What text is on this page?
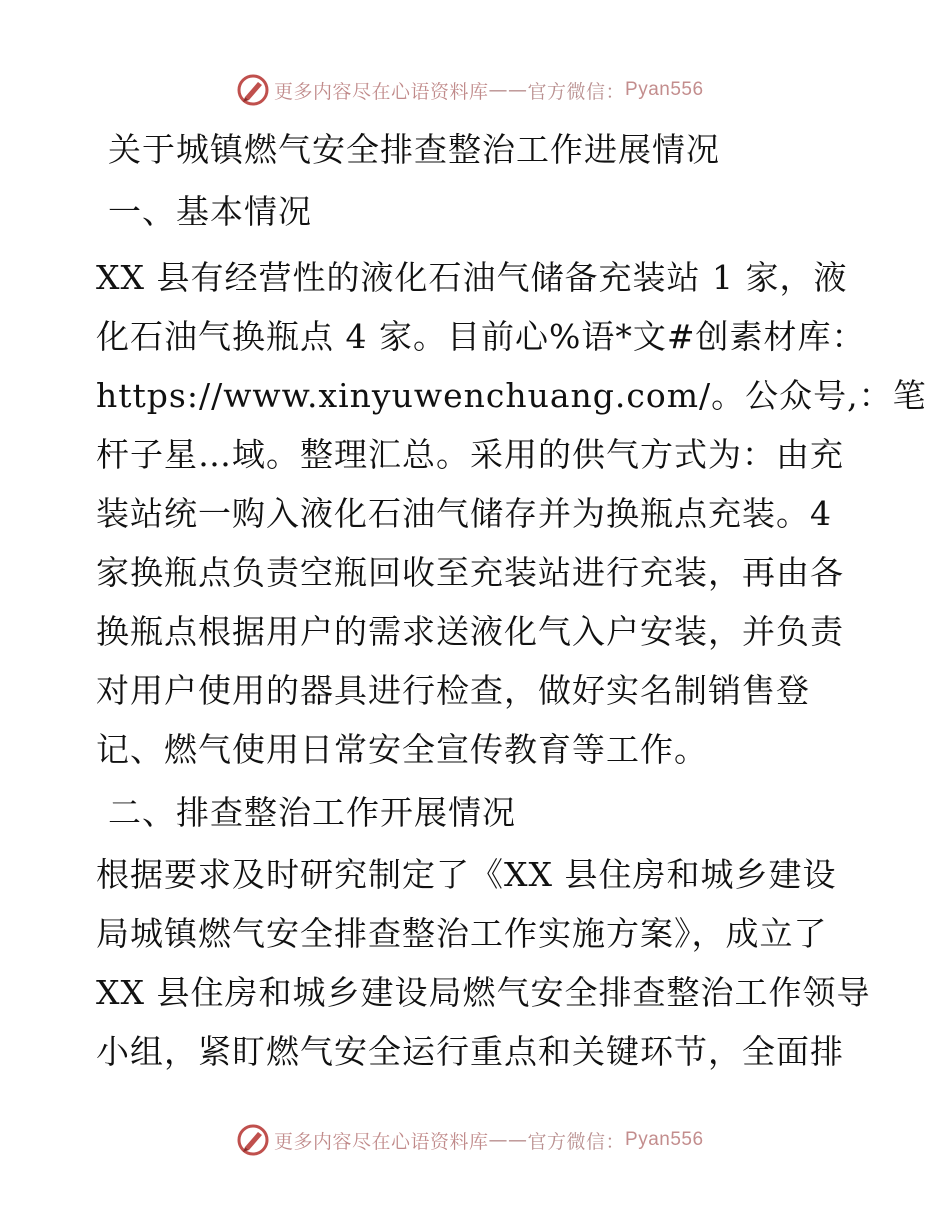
更多内容尽在心语资料库 —— 官方微信： Pyan556
关于城镇燃气安全排查整治工作进展情况
一、基本情况
XX 县有经营性的液化石油气储备充装站 1 家，液
化石油气换瓶点 4 家。目前心%语*文#创素材库：
https://www.xinyuwenchuang.com/。公众号,：笔
杆子星…域。整理汇总。采用的供气方式为：由充
装站统一购入液化石油气储存并为换瓶点充装。4
家换瓶点负责空瓶回收至充装站进行充装，再由各
换瓶点根据用户的需求送液化气入户安装，并负责
对用户使用的器具进行检查，做好实名制销售登
记、燃气使用日常安全宣传教育等工作。
二、排查整治工作开展情况
根据要求及时研究制定了《XX 县住房和城乡建设
局城镇燃气安全排查整治工作实施方案》，成立了
XX 县住房和城乡建设局燃气安全排查整治工作领导
小组，紧盯燃气安全运行重点和关键环节，全面排
更多内容尽在心语资料库 —— 官方微信： Pyan556
